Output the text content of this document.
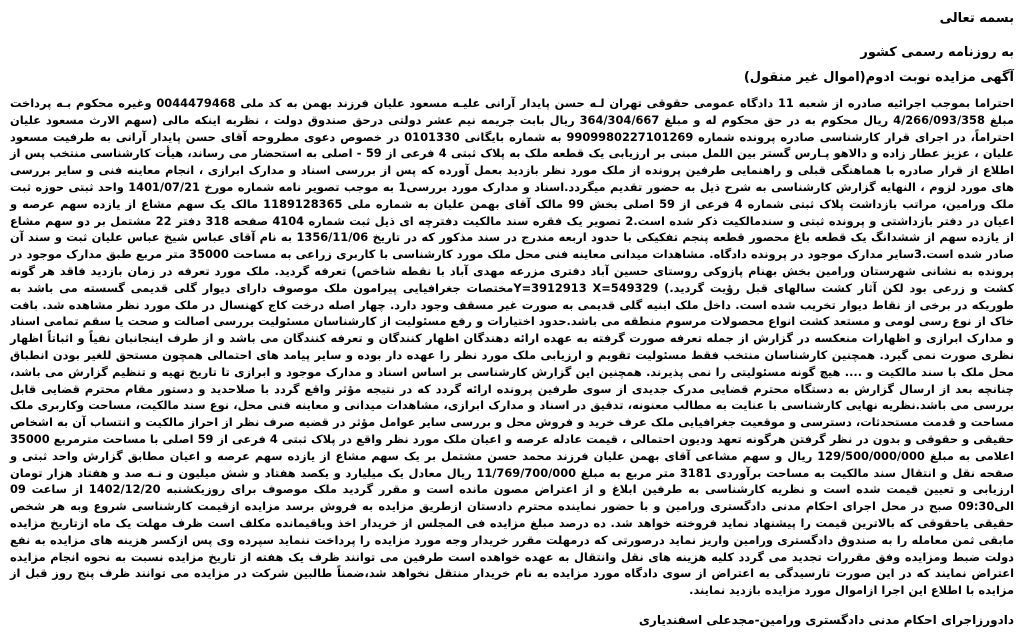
بسمه تعالی

به روزنامه رسمی کشور

آگهی مزایده نوبت ادوم(اموال غیر منقول)

احتراما بموجب اجرائیه صادره از شعبه 11 دادگاه عمومی حقوقی تهران لـه حسن پایدار آرانی علیـه مسعود علیان فرزند بهمن به کد ملی 0044479468 وغیره محکوم بـه پرداخت مبلغ 4/266/093/358 ریال محکوم به در حق محکوم له و مبلغ 364/304/667 ریال بابت جریمه نیم عشر دولتی درحق صندوق دولت ، نظربه اینکه مالی (سهم الارث مسعود علیان احتراماً، در اجرای قرار کارشناسی صادره پرونده شماره 9909980227101269 به شماره بایگانی 0101330 در خصوص دعوی مطروحه آقای حسن پایدار آرانی به طرفیت مسعود علیان ، عزیز عطار زاده و دالاهو پـارس گستر بین اللمل مبنی بر ارزیابی یک قطعه ملک به پلاک ثبتی 4 فرعی از 59 - اصلی به استحضار می رساند، هیأت کارشناسی منتخب پس از اطلاع از قرار صادره با هماهنگی قبلی و راهنمایی طرفین پرونده از ملک مورد نظر بازدید بعمل آورده که پس از بررسی اسناد و مدارک ابرازی ، انجام معاینه فنی و سایر بررسی های مورد لزوم ، النهایه گزارش کارشناسی به شرح ذیل به حضور تقدیم میگردد.اسناد و مدارک مورد بررسی1 به موجب تصویر نامه شماره مورخ 1401/07/21 واحد ثبتی حوزه ثبت ملک ورامین، مراتب بازداشت پلاک ثبتی شماره 4 فرعی از 59 اصلی بخش 99 مالک آقای بهمن علیان به شماره ملی 1189128365 مالک یک سهم مشاع از یازده سهم عرصه و اعیان در دفتر بازداشتی و پرونده ثبتی و سندمالکیت ذکر شده است.2 تصویر یک فقره سند مالکیت دفترچه ای ذیل ثبت شماره 4104 صفحه 318 دفتر 22 مشتمل بر دو سهم مشاع از یازده سهم از ششدانگ یک قطعه باغ محصور قطعه پنجم تفکیکی با حدود اربعه مندرج در سند مذکور که در تاریخ 1356/11/06 به نام آقای عباس شیخ عباس علیان ثبت و سند آن صادر شده است.3سایر مدارک موجود در پرونده دادگاه. مشاهدات میدانی معاینه فنی محل ملک مورد کارشناسی با کاربری زراعی به مساحت 35000 متر مربع طبق مدارک موجود در پرونده به نشانی شهرستان ورامین بخش بهنام پازوکی روستای حسین آباد دفتری مزرعه مهدی آباد با نقطه شاخص) تعرفه گردید. ملک مورد تعرفه در زمان بازدید فاقد هر گونه کشت و زرعی بود لکن آثار کشت سالهای قبل رؤیت گردید.) Y=3912913 X=549329مختصات جغرافیایی پیرامون ملک موصوف دارای دیوار گلی قدیمی گسسته می باشد به طوریکه در برخی از نقاط دیوار تخریب شده است. داخل ملک ابنیه گلی قدیمی به صورت غیر مسقف وجود دارد. چهار اصله درخت کاج کهنسال در ملک مورد نظر مشاهده شد. بافت خاک از نوع رسی لومی و مستعد کشت انواع محصولات مرسوم منطقه می باشد.حدود اختیارات و رفع مسئولیت از کارشناسان مسئولیت بررسی اصالت و صحت یا سقم تمامی اسناد و مدارک ابرازی و اظهارات منعکسه در گزارش از جمله تعرفه صورت گرفته به عهده ارائه دهندگان اظهار کنندگان و تعرفه کنندگان می باشد و از طرف اینجانبان نفیاً و اثباتاً اظهار نظری صورت نمی گیرد. همچنین کارشناسان منتخب فقط مسئولیت تقویم و ارزیابی ملک مورد نظر را عهده دار بوده و سایر پیامد های احتمالی همچون مستحق للغیر بودن انطباق محل ملک با سند مالکیت و .... هیچ گونه مسئولیتی را نمی پذیرند. همچنین این گزارش کارشناسی بر اساس اسناد و مدارک موجود و ابرازی تا تاریخ تهیه و تنظیم گزارش می باشد، چنانچه بعد از ارسال گزارش به دستگاه محترم قضایی مدرک جدیدی از سوی طرفین پرونده ارائه گردد که در نتیجه مؤثر واقع گردد با صلاحدید و دستور مقام محترم قضایی قابل بررسی می باشد.نظریه نهایی کارشناسی با عنایت به مطالب معنونه، تدقیق در اسناد و مدارک ابرازی، مشاهدات میدانی و معاینه فنی محل، نوع سند مالکیت، مساحت وکاربری ملک مساحت و قدمت مستحدثات، دسترسی و موقعیت جغرافیایی ملک عرف خرید و فروش محل و بررسی سایر عوامل مؤثر در قضیه صرف نظر از احراز مالکیت و انتساب آن به اشخاص حقیقی و حقوقی و بدون در نظر گرفتن هرگونه تعهد ودیون احتمالی ، قیمت عادله عرصه و اعیان ملک مورد نظر واقع در پلاک ثبتی 4 فرعی از 59 اصلی با مساحت مترمربع 35000 اعلامی به مبلغ 129/500/000/000 ریال و سهم مشاعی آقای بهمن علیان فرزند محمد حسن مشتمل بر یک سهم مشاع از یازده سهم عرصه و اعیان مطابق گزارش واحد ثبتی و صفحه نقل و انتقال سند مالکیت به مساحت برآوردی 3181 متر مربع به مبلغ 11/769/700/000 ریال معادل یک میلیارد و یکصد هفتاد و شش میلیون و نـه صد و هفتاد هزار تومان ارزیابی و تعیین قیمت شده است و نظریه کارشناسی به طرفین ابلاغ و از اعتراض مصون مانده است و مقرر گردید ملک موصوف برای روزیکشنبه 1402/12/20 از ساعت 09 الی09:30 صبح در محل اجرای احکام مدنی دادگستری ورامین و با حضور نماینده محترم دادستان ازطریق مزایده به فروش برسد مزایده ازقیمت کارشناسی شروع وبه هر شخص حقیقی یاحقوقی که بالاترین قیمت را پیشنهاد نماید فروخته خواهد شد. ده درصد مبلغ مزایده فی المجلس از خریدار اخذ وباقیمانده مکلف است ظرف مهلت یک ماه ازتاریخ مزایده مابقی ثمن معامله را به صندوق دادگستری ورامین واریز نماید درصورتی که درمهلت مقرر خریدار وجه مورد مزایده را پرداخت ننماید سپرده وی پس ازکسر هزینه های مزایده به نفع دولت ضبط ومزایده وفق مقررات تجدید می گردد کلیه هزینه های نقل وانتقال به عهده خواهده است طرفین می توانند ظرف یک هفته از تاریخ مزایده نسبت به نحوه انجام مزایده اعتراض نمایند که در این صورت تارسیدگی به اعتراض از سوی دادگاه مورد مزایده به نام خریدار منتقل نخواهد شد،ضمناً طالبین شرکت در مزایده می توانند ظرف پنج روز قبل از مزایده با اطلاع این اجرا ازاموال مورد مزایده بازدید نمایند.

دادورزاجرای احکام مدنی دادگستری ورامین-مجدعلی اسفندیاری
